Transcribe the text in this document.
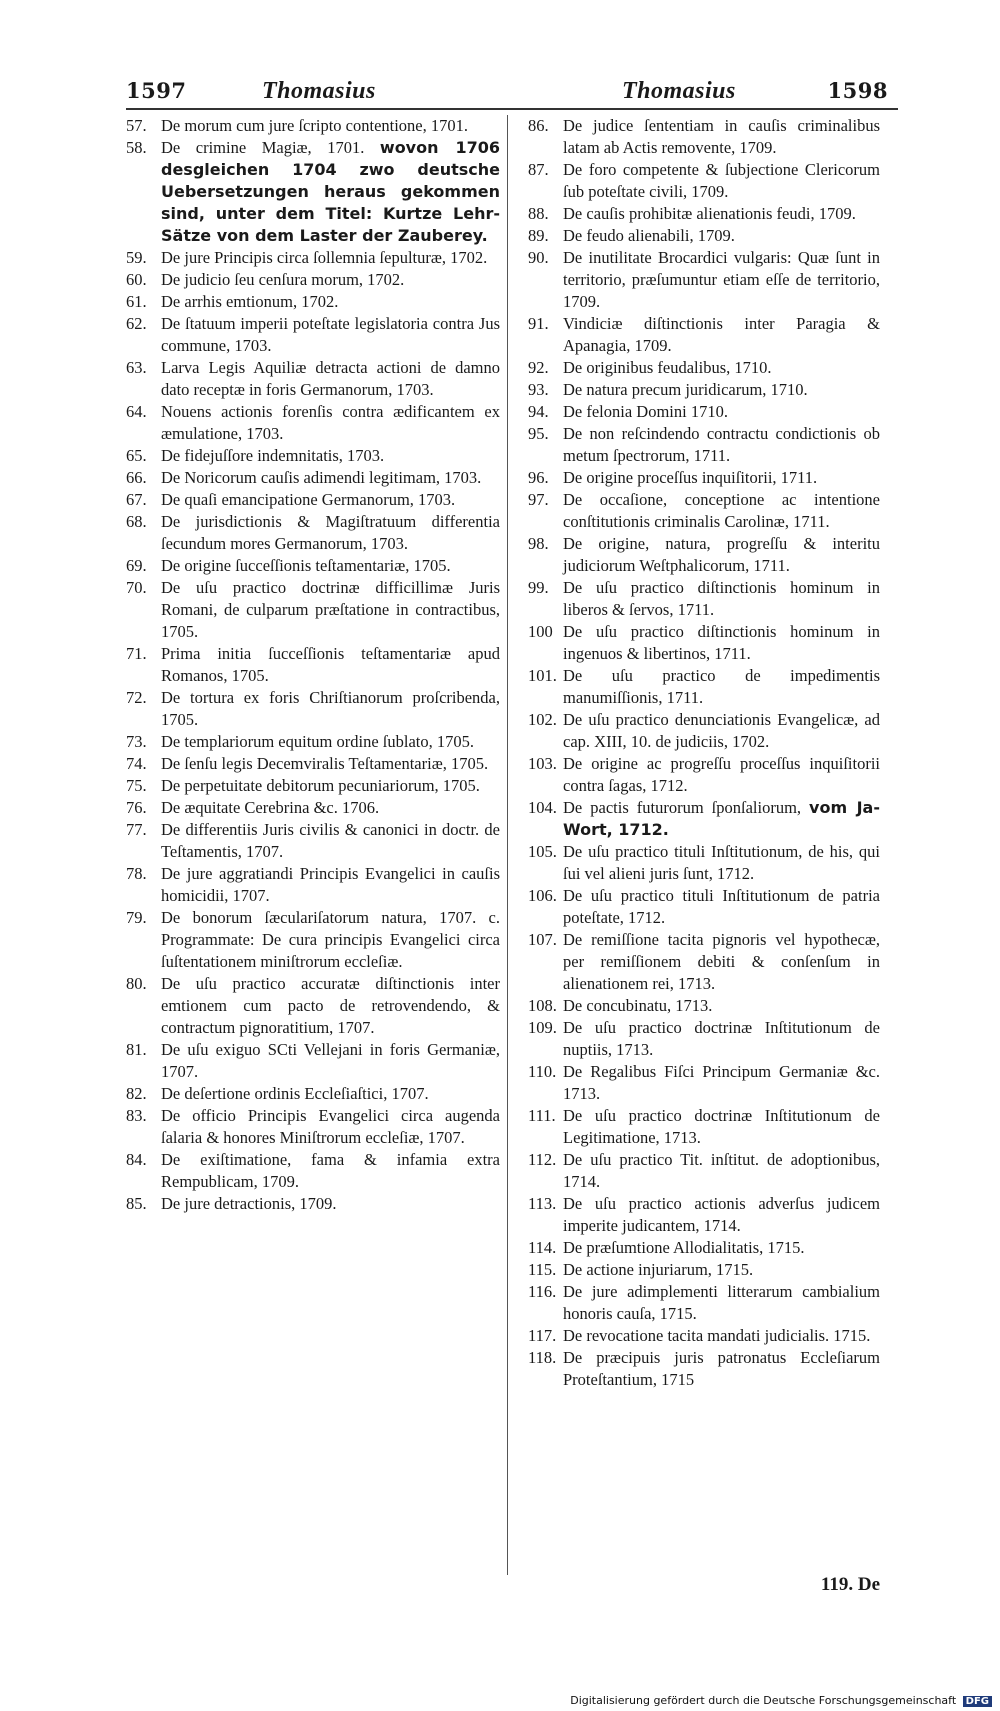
1597	Thomasius	Thomasius	1598
57. De morum cum jure ſcripto contentione, 1701.
58. De crimine Magiæ, 1701. wovon 1706 desgleichen 1704 zwo deutsche Uebersetzungen heraus gekommen sind, unter dem Titel: Kurtze Lehr-Sätze von dem Laster der Zauberey.
59. De jure Principis circa ſollemnia ſepulturæ, 1702.
60. De judicio ſeu cenſura morum, 1702.
61. De arrhis emtionum, 1702.
62. De ſtatuum imperii poteſtate legislatoria contra Jus commune, 1703.
63. Larva Legis Aquiliæ detracta actioni de damno dato receptæ in foris Germanorum, 1703.
64. Nouens actionis forenſis contra ædificantem ex æmulatione, 1703.
65. De fidejuſſore indemnitatis, 1703.
66. De Noricorum cauſis adimendi legitimam, 1703.
67. De quaſi emancipatione Germanorum, 1703.
68. De jurisdictionis & Magiſtratuum differentia ſecundum mores Germanorum, 1703.
69. De origine ſucceſſionis teſtamentariæ, 1705.
70. De uſu practico doctrinæ difficillimæ Juris Romani, de culparum præſtatione in contractibus, 1705.
71. Prima initia ſucceſſionis teſtamentariæ apud Romanos, 1705.
72. De tortura ex foris Chriſtianorum proſcribenda, 1705.
73. De templariorum equitum ordine ſublato, 1705.
74. De ſenſu legis Decemviralis Teſtamentariæ, 1705.
75. De perpetuitate debitorum pecuniariorum, 1705.
76. De æquitate Cerebrina &c. 1706.
77. De differentiis Juris civilis & canonici in doctr. de Teſtamentis, 1707.
78. De jure aggratiandi Principis Evangelici in cauſis homicidii, 1707.
79. De bonorum ſæculariſatorum natura, 1707. c. Programmate: De cura principis Evangelici circa ſuſtentationem miniſtrorum eccleſiæ.
80. De uſu practico accuratæ diſtinctionis inter emtionem cum pacto de retrovendendo, & contractum pignoratitium, 1707.
81. De uſu exiguo SCti Vellejani in foris Germaniæ, 1707.
82. De deſertione ordinis Eccleſiaſtici, 1707.
83. De officio Principis Evangelici circa augenda ſalaria & honores Miniſtrorum eccleſiæ, 1707.
84. De exiſtimatione, fama & infamia extra Rempublicam, 1709.
85. De jure detractionis, 1709.
86. De judice ſententiam in cauſis criminalibus latam ab Actis removente, 1709.
87. De foro competente & ſubjectione Clericorum ſub poteſtate civili, 1709.
88. De cauſis prohibitæ alienationis feudi, 1709.
89. De feudo alienabili, 1709.
90. De inutilitate Brocardici vulgaris: Quæ ſunt in territorio, præſumuntur etiam eſſe de territorio, 1709.
91. Vindiciæ diſtinctionis inter Paragia & Apanagia, 1709.
92. De originibus feudalibus, 1710.
93. De natura precum juridicarum, 1710.
94. De felonia Domini 1710.
95. De non reſcindendo contractu condictionis ob metum ſpectrorum, 1711.
96. De origine proceſſus inquiſitorii, 1711.
97. De occaſione, conceptione ac intentione conſtitutionis criminalis Carolinæ, 1711.
98. De origine, natura, progreſſu & interitu judiciorum Weſtphalicorum, 1711.
99. De uſu practico diſtinctionis hominum in liberos & ſervos, 1711.
100 De uſu practico diſtinctionis hominum in ingenuos & libertinos, 1711.
101. De uſu practico de impedimentis manumiſſionis, 1711.
102. De uſu practico denunciationis Evangelicæ, ad cap. XIII, 10. de judiciis, 1702.
103. De origine ac progreſſu proceſſus inquiſitorii contra ſagas, 1712.
104. De pactis futurorum ſponſaliorum, vom Ja-Wort, 1712.
105. De uſu practico tituli Inſtitutionum, de his, qui ſui vel alieni juris ſunt, 1712.
106. De uſu practico tituli Inſtitutionum de patria poteſtate, 1712.
107. De remiſſione tacita pignoris vel hypothecæ, per remiſſionem debiti & conſenſum in alienationem rei, 1713.
108. De concubinatu, 1713.
109. De uſu practico doctrinæ Inſtitutionum de nuptiis, 1713.
110. De Regalibus Fiſci Principum Germaniæ &c. 1713.
111. De uſu practico doctrinæ Inſtitutionum de Legitimatione, 1713.
112. De uſu practico Tit. inſtitut. de adoptionibus, 1714.
113. De uſu practico actionis adverſus judicem imperite judicantem, 1714.
114. De præſumtione Allodialitatis, 1715.
115. De actione injuriarum, 1715.
116. De jure adimplementi litterarum cambialium honoris cauſa, 1715.
117. De revocatione tacita mandati judicialis. 1715.
118. De præcipuis juris patronatus Eccleſiarum Proteſtantium, 1715
119. De
Digitalisierung gefördert durch die Deutsche Forschungsgemeinschaft DFG
